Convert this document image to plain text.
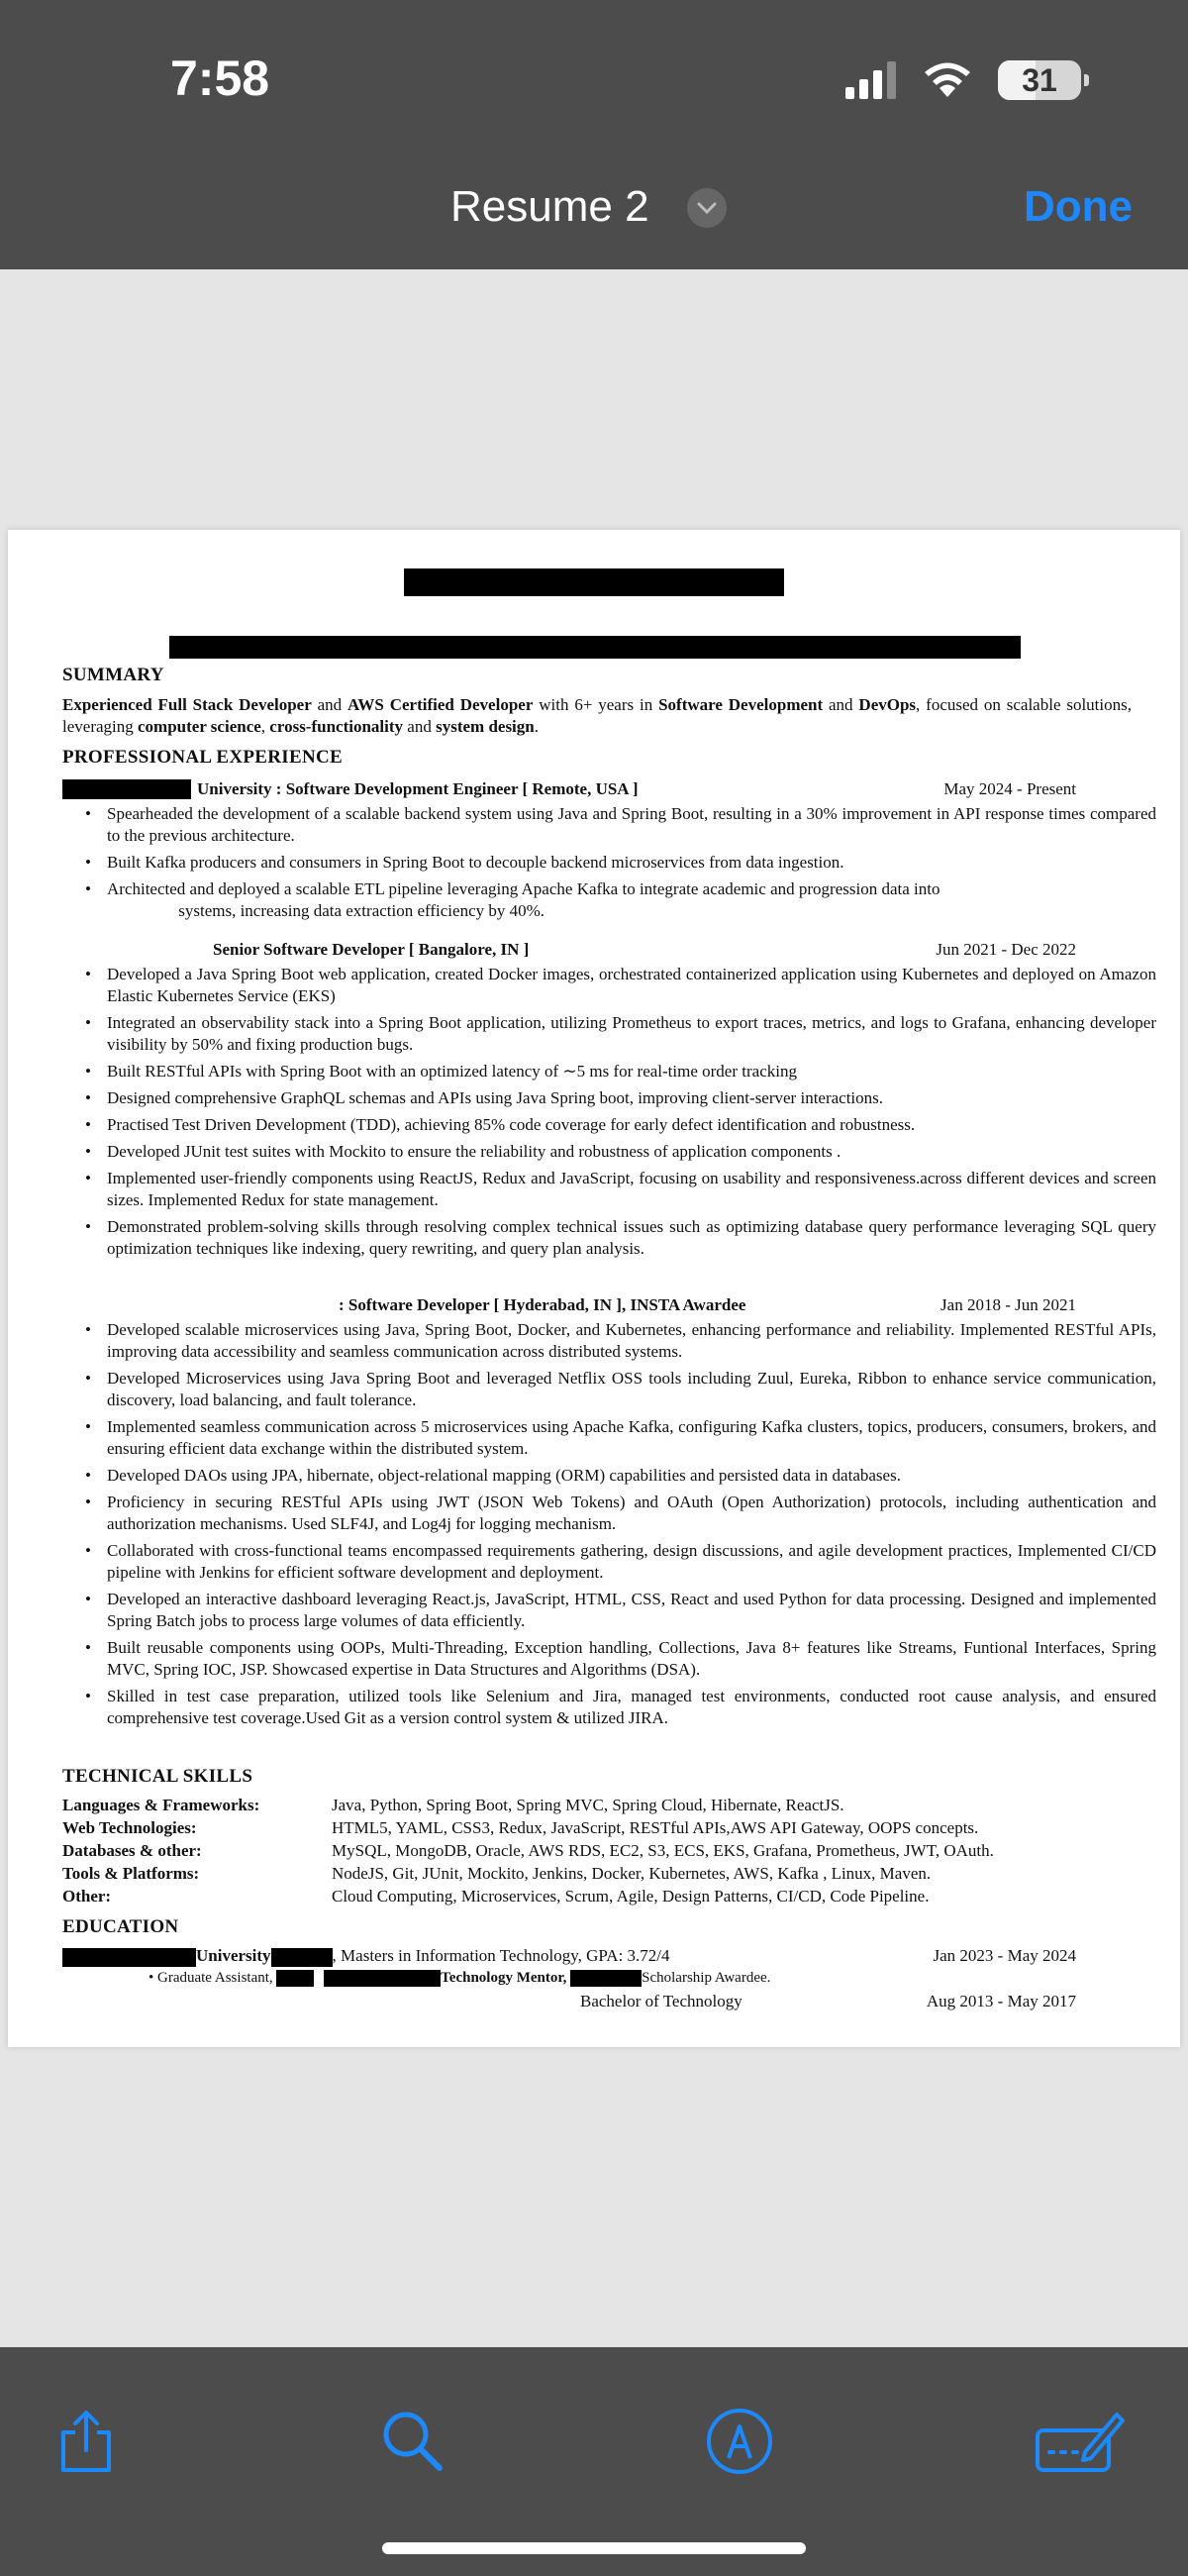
7:58	31
Resume 2	Done
SUMMARY
Experienced Full Stack Developer and AWS Certified Developer with 6+ years in Software Development and DevOps, focused on scalable solutions, leveraging computer science, cross-functionality and system design.
PROFESSIONAL EXPERIENCE
University : Software Development Engineer [ Remote, USA ]	May 2024 - Present
• Spearheaded the development of a scalable backend system using Java and Spring Boot, resulting in a 30% improvement in API response times compared to the previous architecture.
• Built Kafka producers and consumers in Spring Boot to decouple backend microservices from data ingestion.
• Architected and deployed a scalable ETL pipeline leveraging Apache Kafka to integrate academic and progression data into
systems, increasing data extraction efficiency by 40%.
Senior Software Developer [ Bangalore, IN ]	Jun 2021 - Dec 2022
• Developed a Java Spring Boot web application, created Docker images, orchestrated containerized application using Kubernetes and deployed on Amazon Elastic Kubernetes Service (EKS)
• Integrated an observability stack into a Spring Boot application, utilizing Prometheus to export traces, metrics, and logs to Grafana, enhancing developer visibility by 50% and fixing production bugs.
• Built RESTful APIs with Spring Boot with an optimized latency of ∼5 ms for real-time order tracking
• Designed comprehensive GraphQL schemas and APIs using Java Spring boot, improving client-server interactions.
• Practised Test Driven Development (TDD), achieving 85% code coverage for early defect identification and robustness.
• Developed JUnit test suites with Mockito to ensure the reliability and robustness of application components .
• Implemented user-friendly components using ReactJS, Redux and JavaScript, focusing on usability and responsiveness.across different devices and screen sizes. Implemented Redux for state management.
• Demonstrated problem-solving skills through resolving complex technical issues such as optimizing database query performance leveraging SQL query optimization techniques like indexing, query rewriting, and query plan analysis.
: Software Developer [ Hyderabad, IN ], INSTA Awardee	Jan 2018 - Jun 2021
• Developed scalable microservices using Java, Spring Boot, Docker, and Kubernetes, enhancing performance and reliability. Implemented RESTful APIs, improving data accessibility and seamless communication across distributed systems.
• Developed Microservices using Java Spring Boot and leveraged Netflix OSS tools including Zuul, Eureka, Ribbon to enhance service communication, discovery, load balancing, and fault tolerance.
• Implemented seamless communication across 5 microservices using Apache Kafka, configuring Kafka clusters, topics, producers, consumers, brokers, and ensuring efficient data exchange within the distributed system.
• Developed DAOs using JPA, hibernate, object-relational mapping (ORM) capabilities and persisted data in databases.
• Proficiency in securing RESTful APIs using JWT (JSON Web Tokens) and OAuth (Open Authorization) protocols, including authentication and authorization mechanisms. Used SLF4J, and Log4j for logging mechanism.
• Collaborated with cross-functional teams encompassed requirements gathering, design discussions, and agile development practices, Implemented CI/CD pipeline with Jenkins for efficient software development and deployment.
• Developed an interactive dashboard leveraging React.js, JavaScript, HTML, CSS, React and used Python for data processing. Designed and implemented Spring Batch jobs to process large volumes of data efficiently.
• Built reusable components using OOPs, Multi-Threading, Exception handling, Collections, Java 8+ features like Streams, Funtional Interfaces, Spring MVC, Spring IOC, JSP. Showcased expertise in Data Structures and Algorithms (DSA).
• Skilled in test case preparation, utilized tools like Selenium and Jira, managed test environments, conducted root cause analysis, and ensured comprehensive test coverage.Used Git as a version control system & utilized JIRA.
TECHNICAL SKILLS
Languages & Frameworks:	Java, Python, Spring Boot, Spring MVC, Spring Cloud, Hibernate, ReactJS.
Web Technologies:	HTML5, YAML, CSS3, Redux, JavaScript, RESTful APIs,AWS API Gateway, OOPS concepts.
Databases & other:	MySQL, MongoDB, Oracle, AWS RDS, EC2, S3, ECS, EKS, Grafana, Prometheus, JWT, OAuth.
Tools & Platforms:	NodeJS, Git, JUnit, Mockito, Jenkins, Docker, Kubernetes, AWS, Kafka , Linux, Maven.
Other:	Cloud Computing, Microservices, Scrum, Agile, Design Patterns, CI/CD, Code Pipeline.
EDUCATION
University	, Masters in Information Technology, GPA: 3.72/4	Jan 2023 - May 2024
• Graduate Assistant,	Technology Mentor,	Scholarship Awardee.
Bachelor of Technology	Aug 2013 - May 2017
